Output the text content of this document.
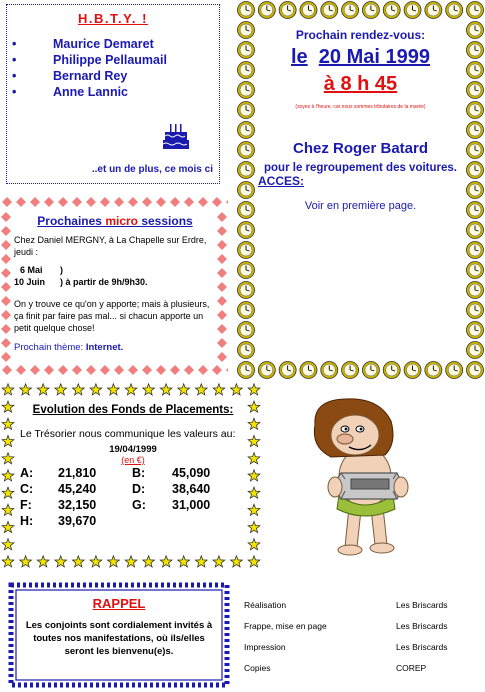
H.B.T.Y. !
•	Maurice Demaret
•	Philippe Pellaumail
•	Bernard Rey
•	Anne Lannic
..et un de plus, ce mois ci
Prochaines micro sessions

Chez Daniel MERGNY, à La Chapelle sur Erdre, jeudi :

6 Mai )
10 Juin ) à partir de 9h/9h30.

On y trouve ce qu'on y apporte; mais à plusieurs, ça finit par faire pas mal... si chacun apporte un petit quelque chose!

Prochain thème: Internet.
Prochain rendez-vous:
le 20 Mai 1999
à 8 h 45
(soyez à l'heure, car nous sommes tributaires de la marée)
Chez Roger Batard
pour le regroupement des voitures.
ACCES:
Voir en première page.
Evolution des Fonds de Placements:

Le Trésorier nous communique les valeurs au:

19/04/1999
(en €)
A:	21,810	B:	45,090
C:	45,240	D:	38,640
F:	32,150	G:	31,000
H:	39,670		
RAPPEL

Les conjoints sont cordialement invités à toutes nos manifestations, où ils/elles seront les bienvenu(e)s.

Réalisation	Les Briscards
Frappe, mise en page	Les Briscards
Impression	Les Briscards
Copies	COREP
